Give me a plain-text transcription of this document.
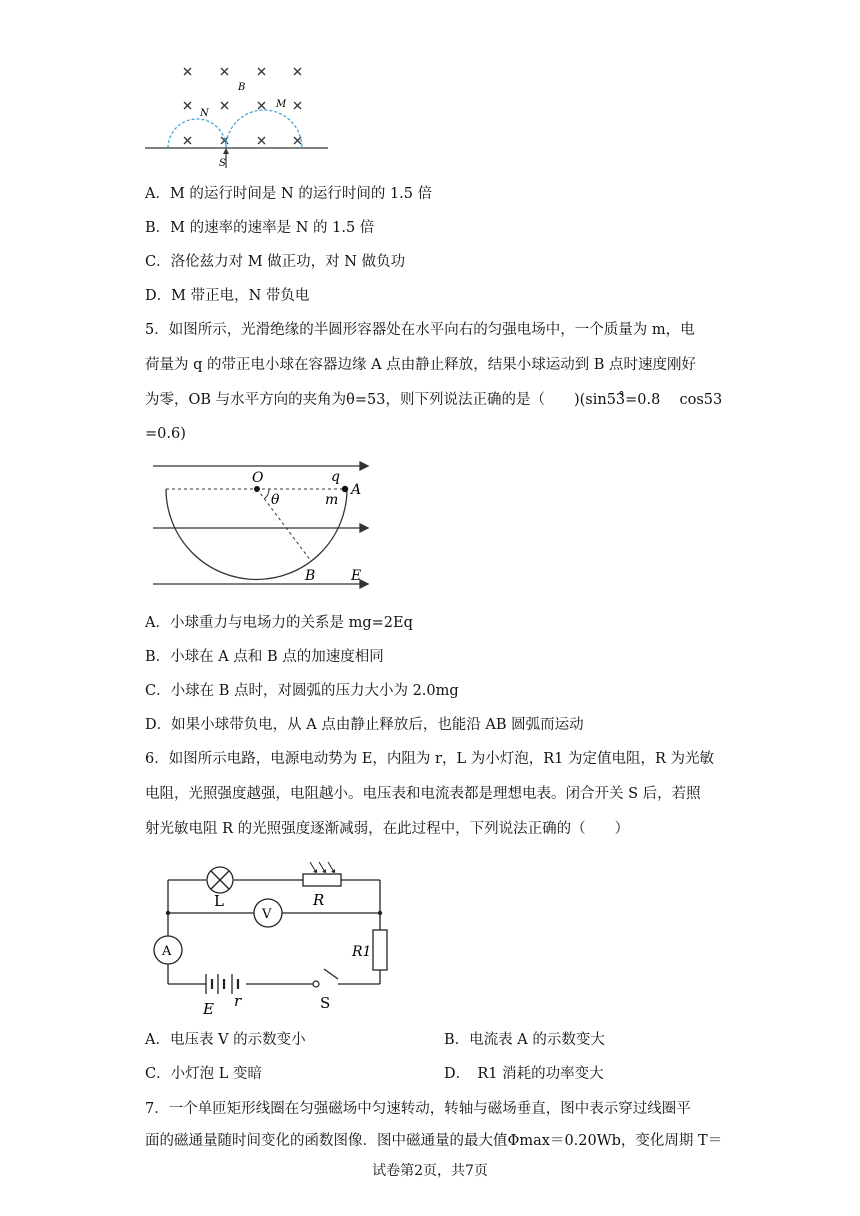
B
N
M
S
A．M 的运行时间是 N 的运行时间的 1.5 倍
B．M 的速率的速率是 N 的 1.5 倍
C．洛伦兹力对 M 做正功，对 N 做负功
D．M 带正电，N 带负电
5．如图所示，光滑绝缘的半圆形容器处在水平向右的匀强电场中，一个质量为 m，电
荷量为 q 的带正电小球在容器边缘 A 点由静止释放，结果小球运动到 B 点时速度刚好
为零，OB 与水平方向的夹角为θ=53，则下列说法正确的是（　　)(sin53̊=0.8　 cos53
=0.6)
O	q
A
θ	m
B	E
A．小球重力与电场力的关系是 mg=2Eq
B．小球在 A 点和 B 点的加速度相同
C．小球在 B 点时，对圆弧的压力大小为 2.0mg
D．如果小球带负电，从 A 点由静止释放后，也能沿 AB 圆弧而运动
6．如图所示电路，电源电动势为 E，内阻为 r，L 为小灯泡，R1 为定值电阻，R 为光敏
电阻，光照强度越强，电阻越小。电压表和电流表都是理想电表。闭合开关 S 后，若照
射光敏电阻 R 的光照强度逐渐减弱，在此过程中，下列说法正确的（　　）
L	R
V
A	R1
E r	S
A．电压表 V 的示数变小	B．电流表 A 的示数变大
C．小灯泡 L 变暗	D．　R1 消耗的功率变大
7．一个单匝矩形线圈在匀强磁场中匀速转动，转轴与磁场垂直，图中表示穿过线圈平
面的磁通量随时间变化的函数图像．图中磁通量的最大值Φmax＝0.20Wb，变化周期 T＝
试卷第2页，共7页
